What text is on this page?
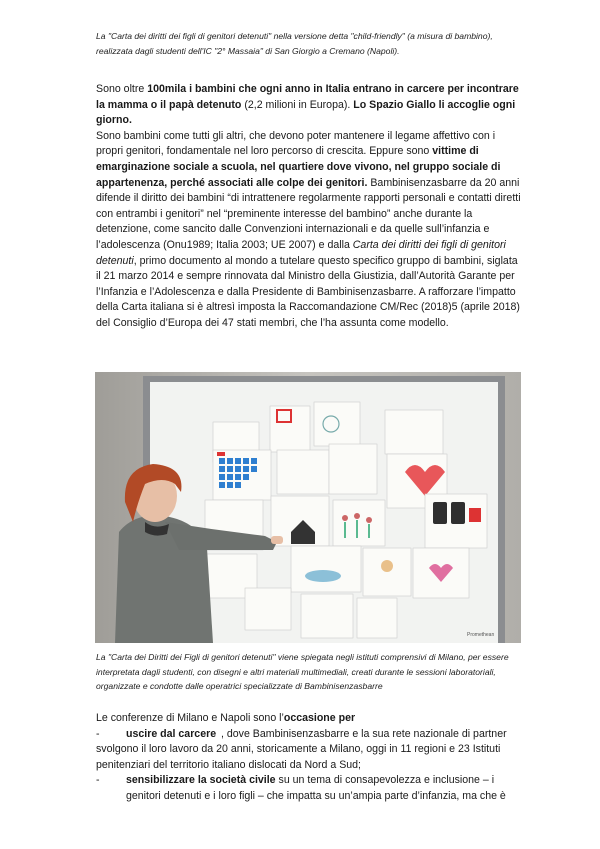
La "Carta dei diritti dei figli di genitori detenuti" nella versione detta "child-friendly" (a misura di bambino), realizzata dagli studenti dell'IC "2° Massaia" di San Giorgio a Cremano (Napoli).
Sono oltre 100mila i bambini che ogni anno in Italia entrano in carcere per incontrare la mamma o il papà detenuto (2,2 milioni in Europa). Lo Spazio Giallo li accoglie ogni giorno.
Sono bambini come tutti gli altri, che devono poter mantenere il legame affettivo con i propri genitori, fondamentale nel loro percorso di crescita. Eppure sono vittime di emarginazione sociale a scuola, nel quartiere dove vivono, nel gruppo sociale di appartenenza, perché associati alle colpe dei genitori. Bambinisenzasbarre da 20 anni difende il diritto dei bambini “di intrattenere regolarmente rapporti personali e contatti diretti con entrambi i genitori” nel “preminente interesse del bambino” anche durante la detenzione, come sancito dalle Convenzioni internazionali e da quelle sull’infanzia e l’adolescenza (Onu1989; Italia 2003; UE 2007) e dalla Carta dei diritti dei figli di genitori detenuti, primo documento al mondo a tutelare questo specifico gruppo di bambini, siglata il 21 marzo 2014 e sempre rinnovata dal Ministro della Giustizia, dall’Autorità Garante per l’Infanzia e l’Adolescenza e dalla Presidente di Bambinisenzasbarre. A rafforzare l’impatto della Carta italiana si è altresì imposta la Raccomandazione CM/Rec (2018)5 (aprile 2018) del Consiglio d’Europa dei 47 stati membri, che l’ha assunta come modello.
Promethean
La "Carta dei Diritti dei Figli di genitori detenuti" viene spiegata negli istituti comprensivi di Milano, per essere interpretata dagli studenti, con disegni e altri materiali multimediali, creati durante le sessioni laboratoriali, organizzate e condotte dalle operatrici specializzate di Bambinisenzasbarre
Le conferenze di Milano e Napoli sono l’occasione per
-	uscire dal carcere , dove Bambinisenzasbarre e la sua rete nazionale di partner svolgono il loro lavoro da 20 anni, storicamente a Milano, oggi in 11 regioni e 23 Istituti penitenziari del territorio italiano dislocati da Nord a Sud;
-	sensibilizzare la società civile su un tema di consapevolezza e inclusione – i genitori detenuti e i loro figli – che impatta su un’ampia parte d’infanzia, ma che è
